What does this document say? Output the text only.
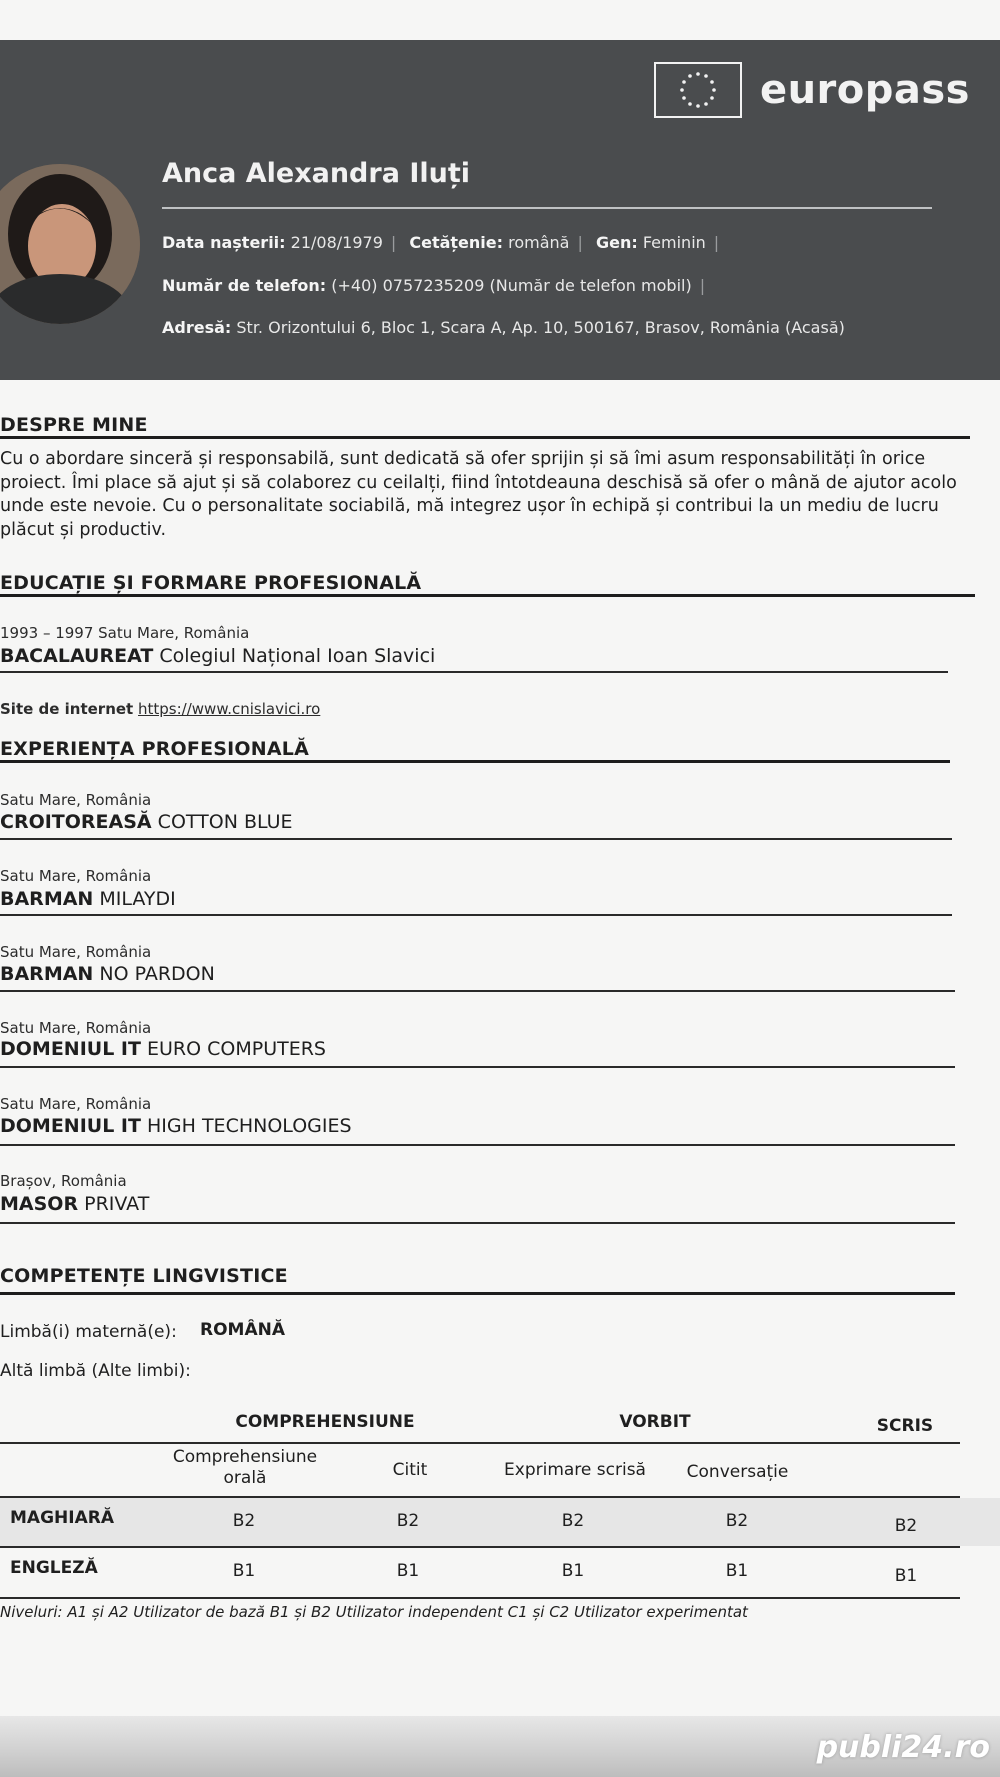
europass
Anca Alexandra Iluți
Data nașterii: 21/08/1979 | Cetățenie: română | Gen: Feminin |
Număr de telefon: (+40) 0757235209 (Număr de telefon mobil) |
Adresă: Str. Orizontului 6, Bloc 1, Scara A, Ap. 10, 500167, Brasov, România (Acasă)
DESPRE MINE
Cu o abordare sinceră și responsabilă, sunt dedicată să ofer sprijin și să îmi asum responsabilități în orice proiect. Îmi place să ajut și să colaborez cu ceilalți, fiind întotdeauna deschisă să ofer o mână de ajutor acolo unde este nevoie. Cu o personalitate sociabilă, mă integrez ușor în echipă și contribui la un mediu de lucru plăcut și productiv.
EDUCAȚIE ȘI FORMARE PROFESIONALĂ
1993 – 1997 Satu Mare, România
BACALAUREAT Colegiul Național Ioan Slavici
Site de internet https://www.cnislavici.ro
EXPERIENȚA PROFESIONALĂ
Satu Mare, România
CROITOREASĂ COTTON BLUE
Satu Mare, România
BARMAN MILAYDI
Satu Mare, România
BARMAN NO PARDON
Satu Mare, România
DOMENIUL IT EURO COMPUTERS
Satu Mare, România
DOMENIUL IT HIGH TECHNOLOGIES
Brașov, România
MASOR PRIVAT
COMPETENȚE LINGVISTICE
Limbă(i) maternă(e): ROMÂNĂ
Altă limbă (Alte limbi):
COMPREHENSIUNE	VORBIT	SCRIS
Comprehensiune orală	Citit	Exprimare scrisă	Conversație
MAGHIARĂ	B2	B2	B2	B2	B2
ENGLEZĂ	B1	B1	B1	B1	B1
Niveluri: A1 și A2 Utilizator de bază B1 și B2 Utilizator independent C1 și C2 Utilizator experimentat
publi24.ro
